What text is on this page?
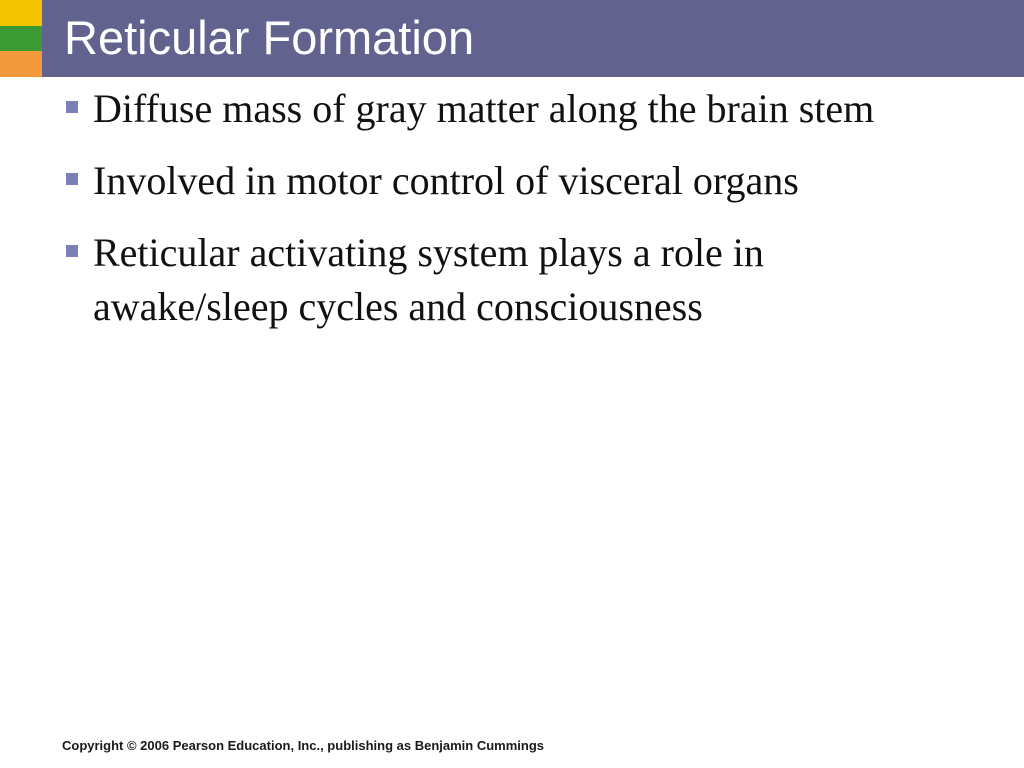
Reticular Formation
Diffuse mass of gray matter along the brain stem
Involved in motor control of visceral organs
Reticular activating system plays a role in awake/sleep cycles and consciousness
Copyright © 2006 Pearson Education, Inc., publishing as Benjamin Cummings
